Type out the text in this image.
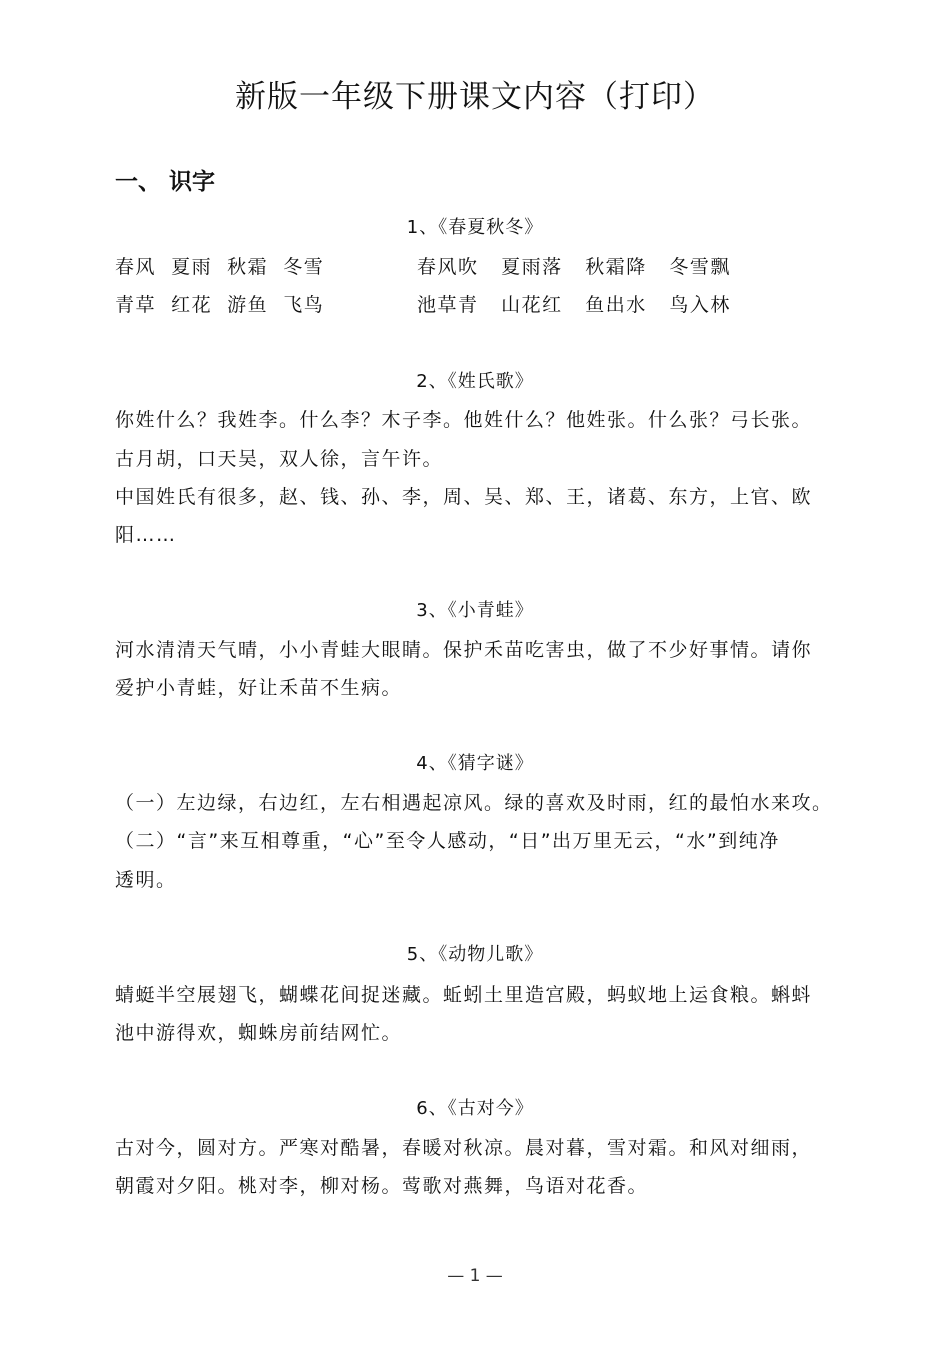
新版一年级下册课文内容（打印）
一、 识字
1、《春夏秋冬》
春风  夏雨  秋霜  冬雪	春风吹   夏雨落   秋霜降   冬雪飘
青草  红花  游鱼  飞鸟	池草青   山花红   鱼出水   鸟入林
2、《姓氏歌》
你姓什么？我姓李。什么李？木子李。他姓什么？他姓张。什么张？弓长张。
古月胡，口天吴，双人徐，言午许。
中国姓氏有很多，赵、钱、孙、李，周、吴、郑、王，诸葛、东方，上官、欧
阳……
3、《小青蛙》
河水清清天气晴，小小青蛙大眼睛。保护禾苗吃害虫，做了不少好事情。请你
爱护小青蛙，好让禾苗不生病。
4、《猜字谜》
（一）左边绿，右边红，左右相遇起凉风。绿的喜欢及时雨，红的最怕水来攻。
（二）“言”来互相尊重，“心”至令人感动，“日”出万里无云，“水”到纯净
透明。
5、《动物儿歌》
蜻蜓半空展翅飞，蝴蝶花间捉迷藏。蚯蚓土里造宫殿，蚂蚁地上运食粮。蝌蚪
池中游得欢，蜘蛛房前结网忙。
6、《古对今》
古对今，圆对方。严寒对酷暑，春暖对秋凉。晨对暮，雪对霜。和风对细雨，
朝霞对夕阳。桃对李，柳对杨。莺歌对燕舞，鸟语对花香。
— 1 —
